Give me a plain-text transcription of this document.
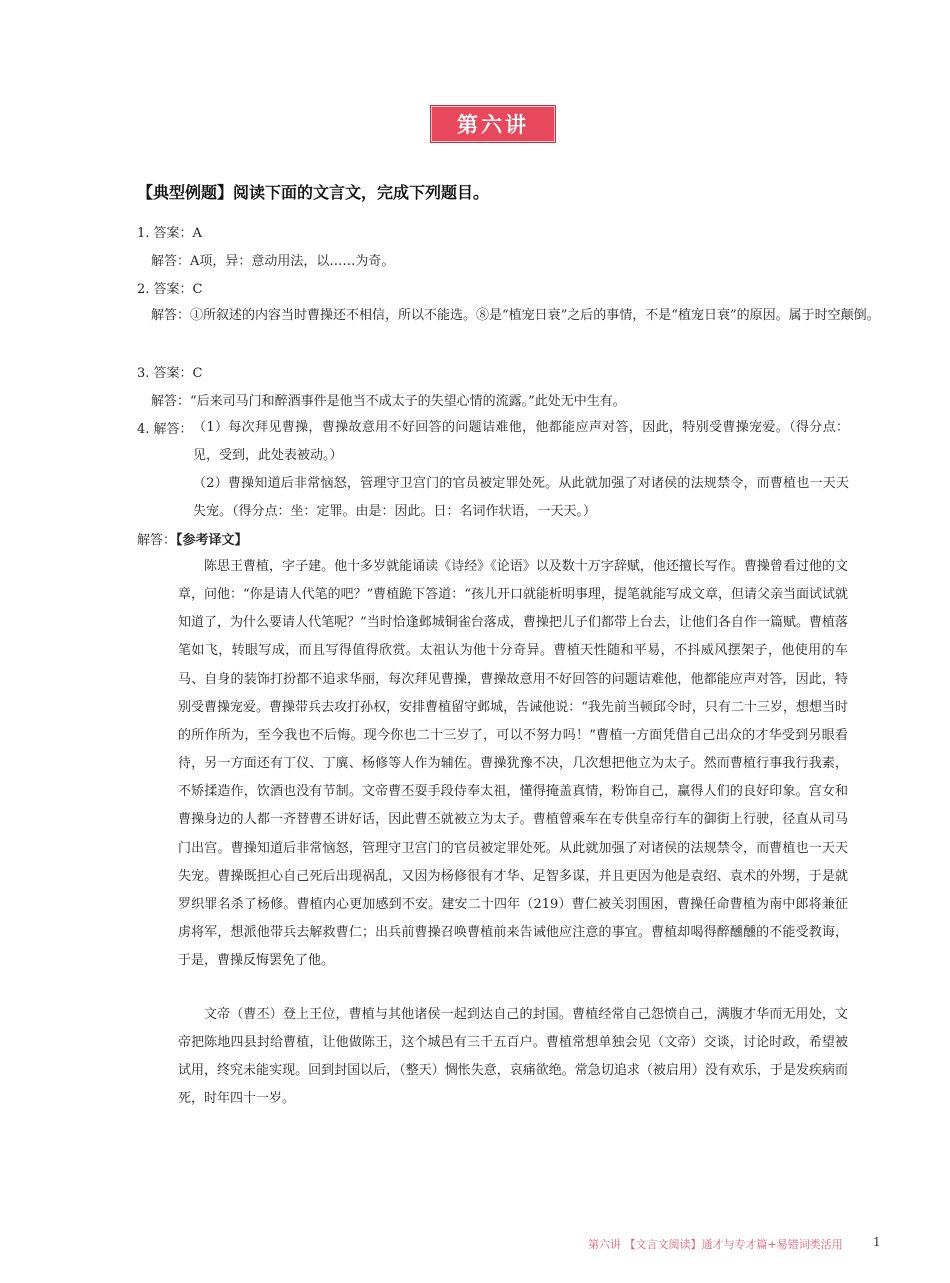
第六讲
【典型例题】阅读下面的文言文，完成下列题目。
1. 答案：A
解答：A项，异：意动用法，以……为奇。
2. 答案：C
解答：①所叙述的内容当时曹操还不相信，所以不能选。⑧是“植宠日衰”之后的事情，不是“植宠日衰”的原因。属于时空颠倒。
3. 答案：C
解答：“后来司马门和醉酒事件是他当不成太子的失望心情的流露。”此处无中生有。
4. 解答： （1）每次拜见曹操，曹操故意用不好回答的问题诘难他，他都能应声对答，因此，特别受曹操宠爱。（得分点：见，受到，此处表被动。）
（2）曹操知道后非常恼怒，管理守卫宫门的官员被定罪处死。从此就加强了对诸侯的法规禁令，而曹植也一天天失宠。（得分点：坐：定罪。由是：因此。日：名词作状语，一天天。）
解答：【参考译文】

陈思王曹植，字子建。他十多岁就能诵读《诗经》《论语》以及数十万字辞赋，他还擅长写作。曹操曾看过他的文章，问他：“你是请人代笔的吧？”曹植跪下答道：“孩儿开口就能析明事理，提笔就能写成文章，但请父亲当面试试就知道了，为什么要请人代笔呢？”当时恰逢邺城铜雀台落成，曹操把儿子们都带上台去，让他们各自作一篇赋。曹植落笔如飞，转眼写成，而且写得值得欣赏。太祖认为他十分奇异。曹植天性随和平易，不抖威风摆架子，他使用的车马、自身的装饰打扮都不追求华丽，每次拜见曹操，曹操故意用不好回答的问题诘难他，他都能应声对答，因此，特别受曹操宠爱。曹操带兵去攻打孙权，安排曹植留守邺城，告诫他说：“我先前当顿邱令时，只有二十三岁，想想当时的所作所为，至今我也不后悔。现今你也二十三岁了，可以不努力吗！”曹植一方面凭借自己出众的才华受到另眼看待，另一方面还有丁仪、丁廙、杨修等人作为辅佐。曹操犹豫不决，几次想把他立为太子。然而曹植行事我行我素，不矫揉造作，饮酒也没有节制。文帝曹丕耍手段侍奉太祖，懂得掩盖真情，粉饰自己，赢得人们的良好印象。宫女和曹操身边的人都一齐替曹丕讲好话，因此曹丕就被立为太子。曹植曾乘车在专供皇帝行车的御街上行驶，径直从司马门出宫。曹操知道后非常恼怒，管理守卫宫门的官员被定罪处死。从此就加强了对诸侯的法规禁令，而曹植也一天天失宠。曹操既担心自己死后出现祸乱，又因为杨修很有才华、足智多谋，并且更因为他是袁绍、袁术的外甥，于是就罗织罪名杀了杨修。曹植内心更加感到不安。建安二十四年（219）曹仁被关羽围困，曹操任命曹植为南中郎将兼征虏将军，想派他带兵去解救曹仁；出兵前曹操召唤曹植前来告诫他应注意的事宜。曹植却喝得醉醺醺的不能受教诲，于是，曹操反悔罢免了他。

文帝（曹丕）登上王位，曹植与其他诸侯一起到达自己的封国。曹植经常自己怨愤自己，满腹才华而无用处，文帝把陈地四县封给曹植，让他做陈王，这个城邑有三千五百户。曹植常想单独会见（文帝）交谈，讨论时政，希望被试用，终究未能实现。回到封国以后，（整天）惆怅失意，哀痛欲绝。常急切追求（被启用）没有欢乐，于是发疾病而死，时年四十一岁。

第六讲 【文言文阅读】通才与专才篇+易错词类活用	1
